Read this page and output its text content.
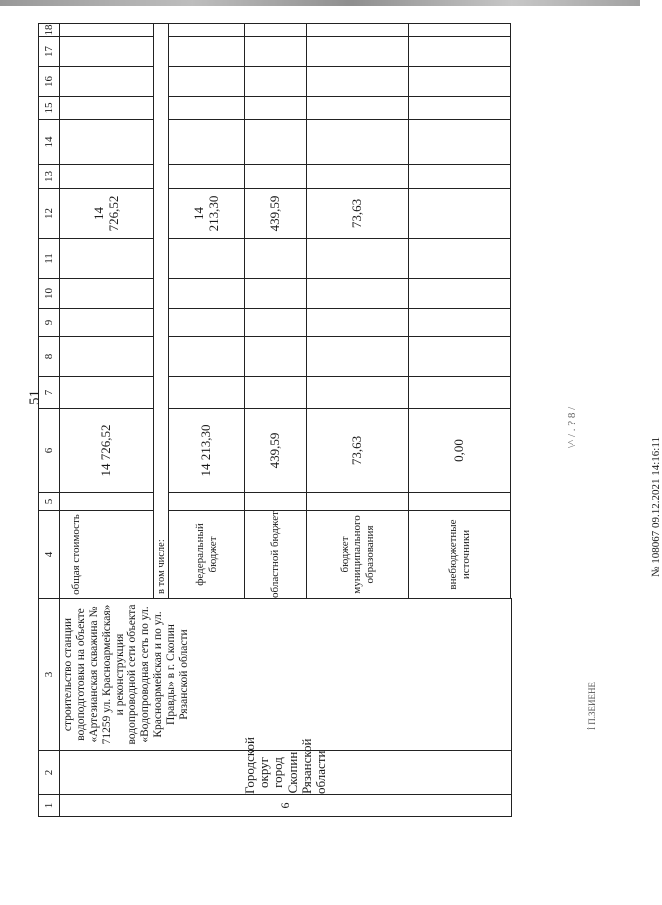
1	2	3	4	5	6	7	8	9	10	11	12	13	14	15	16	17	18
6	Городской округ город Скопин Рязанской области	строительство станции водоподготовки на объекте «Артезианская скважина № 71259 ул. Красноармейская» и реконструкция водопроводной сети объекта «Водопроводная сеть по ул. Красноармейская и по ул. Правды» в г. Скопин Рязанской области	общая стоимость		14 726,52						14 726,52						
			в том числе:														
			федеральный бюджет		14 213,30						14 213,30						
			областной бюджет		439,59						439,59						
			бюджет муниципального образования		73,63						73,63						
			внебюджетные источники		0,00												

51
№ 108067 09.12.2021 14:16:11
İ П.ЗЕИЕНЕ
\^ / . ? 8 /
